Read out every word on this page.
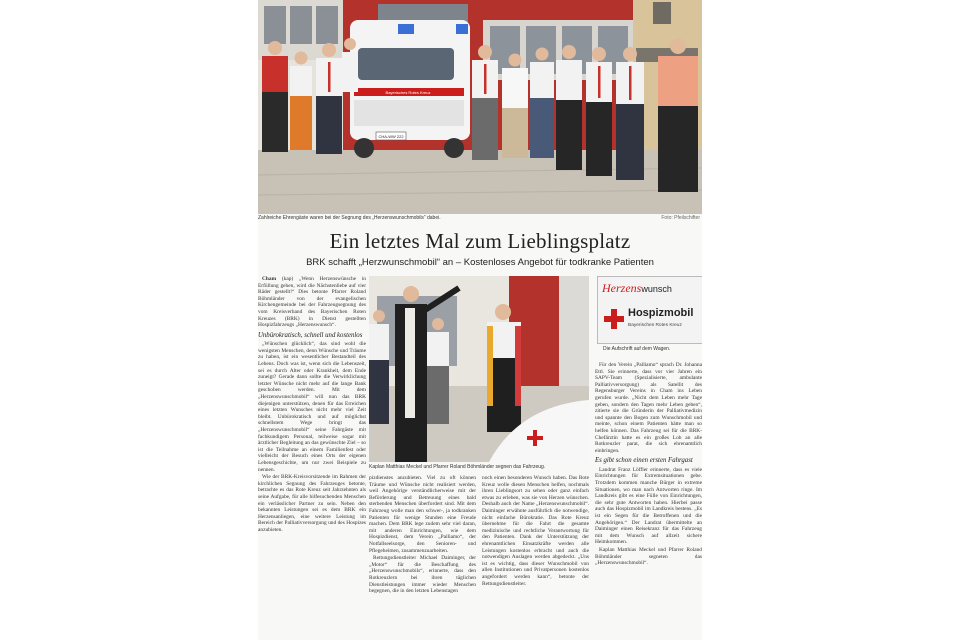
Bayerisches Rotes Kreuz
CHA-WW 222
Zahlreiche Ehrengäste waren bei der Segnung des „Herzenswunschmobils“ dabei.	Foto: Pfeilschifter
Ein letztes Mal zum Lieblingsplatz
BRK schafft „Herzwunschmobil“ an – Kostenloses Angebot für todkranke Patienten

Cham (kap) „Wenn Herzenswünsche in Erfüllung gehen, wird die Nächstenliebe auf vier Räder gestellt!“ Dies betonte Pfarrer Roland Böhmländer von der evangelischen Kirchengemeinde bei der Fahrzeugsegnung des vom Kreisverband des Bayerischen Roten Kreuzes (BRK) in Dienst gestellten Hospizfahrzeugs „Herzenswunsch“.

Unbürokratisch, schnell und kostenlos

„Wünschen glücklich“, das sind wohl die wenigsten Menschen, denn Wünsche und Träume zu haben, ist ein wesentlicher Bestandteil des Lebens. Doch was ist, wenn sich die Lebenszeit, sei es durch Alter oder Krankheit, dem Ende zuneigt? Gerade dann sollte die Verwirklichung letzter Wünsche nicht mehr auf die lange Bank geschoben werden. Mit dem „Herzenswunschmobil“ will nun das BRK diejenigen unterstützen, denen für das Erreichen eines letzten Wunsches nicht mehr viel Zeit bleibt. Unbürokratisch und auf möglichst schnellstem Wege bringt das „Herzenswunschmobil“ seine Fahrgäste mit fachkundigem Personal, teilweise sogar mit ärztlicher Begleitung an das gewünschte Ziel – so ist die Teilnahme an einem Familienfest oder vielleicht der Besuch eines Orts der eigenen Lebensgeschichte, um nur zwei Beispiele zu nennen.

Wie der BRK-Kreisvorsitzende im Rahmen der kirchlichen Segnung des Fahrzeuges betonte, betrachte es das Rote Kreuz seit Jahrzehnten als seine Aufgabe, für alle hilfesuchenden Menschen ein verlässlicher Partner zu sein. Neben den bekannten Leistungen sei es dem BRK ein Herzensanliegen, eine weitere Leistung im Bereich der Palliativversorgung und des Hospizes anzubieten.

Kaplan Matthias Meckel und Pfarrer Roland Böhmländer segnen das Fahrzeug.
Herzenswunsch
Hospizmobil
Bayerisches Rotes Kreuz
Die Aufschrift auf dem Wagen.

pizdienstes anzubieten. Viel zu oft können Träume und Wünsche nicht realisiert werden, weil Angehörige verständlicherweise mit der Beförderung und Betreuung eines bald sterbenden Menschen überfordert sind. Mit dem Fahrzeug wolle man den schwer-, ja todkranken Patienten für wenige Stunden eine Freude machen. Dem BRK lege zudem sehr viel daran, mit anderen Einrichtungen, wie dem Hospizdienst, dem Verein „Palliamo“, der Notfallseelsorge, den Senioren- und Pflegeheimen, zusammenzuarbeiten.

Rettungsdienstleiter Michael Daiminger, der „Motor“ für die Beschaffung des „Herzenswunschmobils“, erinnerte, dass den Rotkreuzlern bei ihren täglichen Dienstleistungen immer wieder Menschen begegnen, die in den letzten Lebenstagen

noch einen besonderen Wunsch haben. Das Rote Kreuz wolle diesen Menschen helfen, nochmals ihren Lieblingsort zu sehen oder ganz einfach etwas zu erleben, was sie von Herzen wünschen. Deshalb auch der Name „Herzenswunschmobil“. Daiminger erwähnte ausführlich die notwendige, nicht einfache Bürokratie. Das Rote Kreuz übernehme für die Fahrt die gesamte medizinische und rechtliche Verantwortung für den Patienten. Dank der Unterstützung der ehrenamtlichen Einsatzkräfte werden alle Leistungen kostenlos erbracht und auch die notwendigen Auslagen werden abgedeckt. „Uns ist es wichtig, dass dieser Wunschmobil von allen Institutionen und Privatpersonen kostenlos angefordert werden kann“, betonte der Rettungsdienstleiter.

Für den Verein „Palliamo“ sprach Dr. Johanna Ettl. Sie erinnerte, dass vor vier Jahren ein SAPV-Team (Spezialisierte, ambulante Palliativversorgung) als Satellit des Regensburger Vereins in Cham ins Leben gerufen wurde. „Nicht dem Leben mehr Tage geben, sondern den Tagen mehr Leben geben“, zitierte sie die Gründerin der Palliativmedizin und spannte den Bogen zum Wunschmobil und meinte, schon einem Patienten hätte man so helfen können. Das Fahrzeug sei für die BRK-Chefärztin hatte es ein großes Lob an alle Rotkreuzler parat, die sich ehrenamtlich einbringen.

Es gibt schon einen ersten Fahrgast

Landrat Franz Löffler erinnerte, dass es viele Einrichtungen für Extremsituationen gebe. Trotzdem kommen manche Bürger in extreme Situationen, wo man nach Antworten ringe. Im Landkreis gibt es eine Fülle von Einrichtungen, die sehr gute Antworten haben. Hierbei passe auch das Hospizmobil im Landkreis bestens. „Es ist ein Segen für die Betroffenen und die Angehörigen.“ Der Landrat übermittelte an Daiminger einen Reisekranz für das Fahrzeug mit dem Wunsch auf allzeit sichere Heimkommen.

Kaplan Matthias Meckel und Pfarrer Roland Böhmländer segneten das „Herzenswunschmobil“.
